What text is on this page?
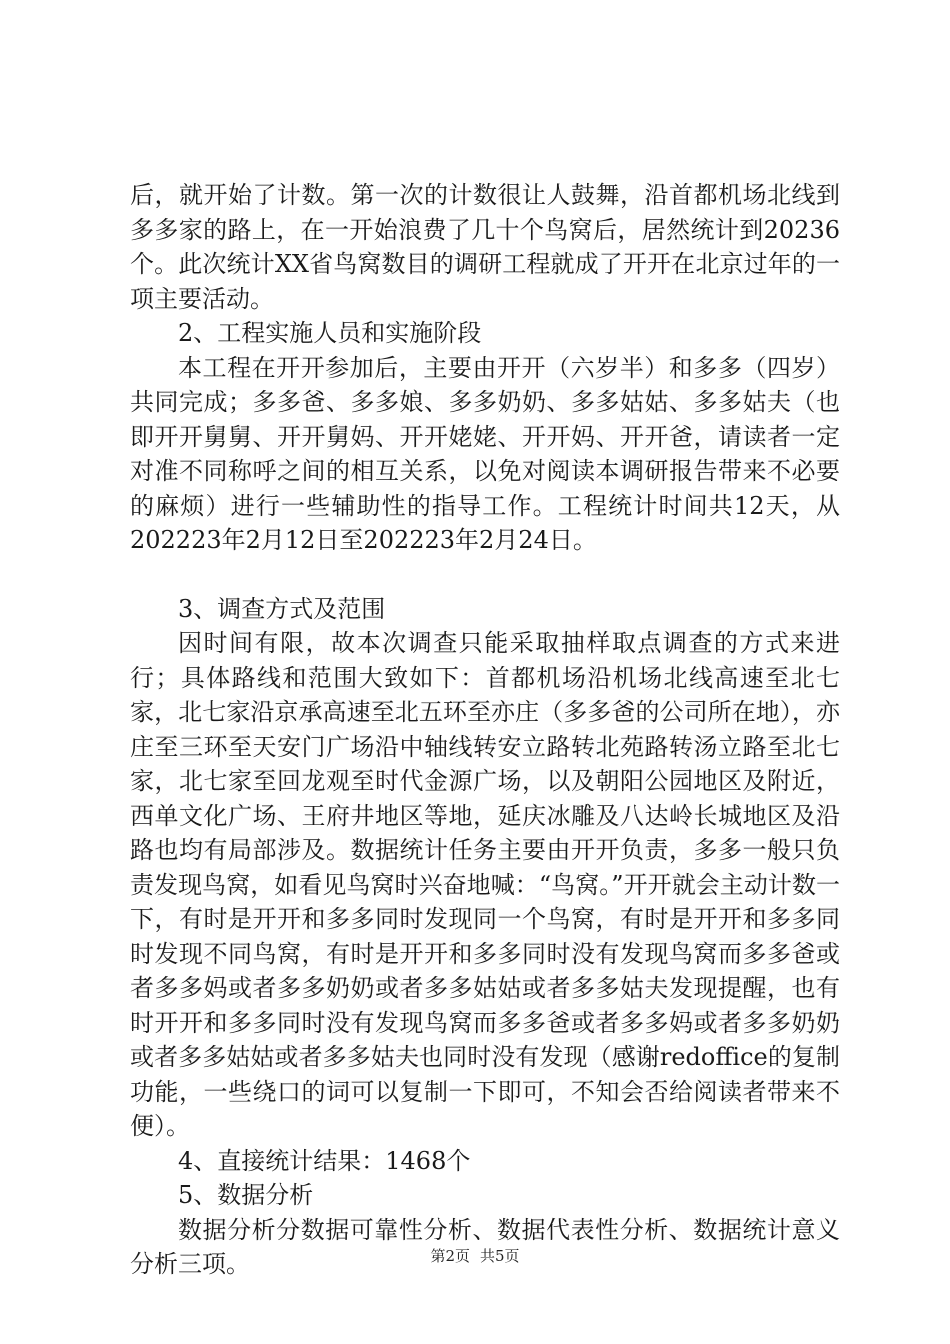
后，就开始了计数。第一次的计数很让人鼓舞，沿首都机场北线到多多家的路上，在一开始浪费了几十个鸟窝后，居然统计到20236个。此次统计XX省鸟窝数目的调研工程就成了开开在北京过年的一项主要活动。

2、工程实施人员和实施阶段

本工程在开开参加后，主要由开开（六岁半）和多多（四岁）共同完成；多多爸、多多娘、多多奶奶、多多姑姑、多多姑夫（也即开开舅舅、开开舅妈、开开姥姥、开开妈、开开爸，请读者一定对准不同称呼之间的相互关系，以免对阅读本调研报告带来不必要的麻烦）进行一些辅助性的指导工作。工程统计时间共12天，从202223年2月12日至202223年2月24日。

3、调查方式及范围

因时间有限，故本次调查只能采取抽样取点调查的方式来进行；具体路线和范围大致如下：首都机场沿机场北线高速至北七家，北七家沿京承高速至北五环至亦庄（多多爸的公司所在地），亦庄至三环至天安门广场沿中轴线转安立路转北苑路转汤立路至北七家，北七家至回龙观至时代金源广场，以及朝阳公园地区及附近，西单文化广场、王府井地区等地，延庆冰雕及八达岭长城地区及沿路也均有局部涉及。数据统计任务主要由开开负责，多多一般只负责发现鸟窝，如看见鸟窝时兴奋地喊：“鸟窝。”开开就会主动计数一下，有时是开开和多多同时发现同一个鸟窝，有时是开开和多多同时发现不同鸟窝，有时是开开和多多同时没有发现鸟窝而多多爸或者多多妈或者多多奶奶或者多多姑姑或者多多姑夫发现提醒，也有时开开和多多同时没有发现鸟窝而多多爸或者多多妈或者多多奶奶或者多多姑姑或者多多姑夫也同时没有发现（感谢redoffice的复制功能，一些绕口的词可以复制一下即可，不知会否给阅读者带来不便）。

4、直接统计结果：1468个

5、数据分析

数据分析分数据可靠性分析、数据代表性分析、数据统计意义分析三项。	第2页 共5页
